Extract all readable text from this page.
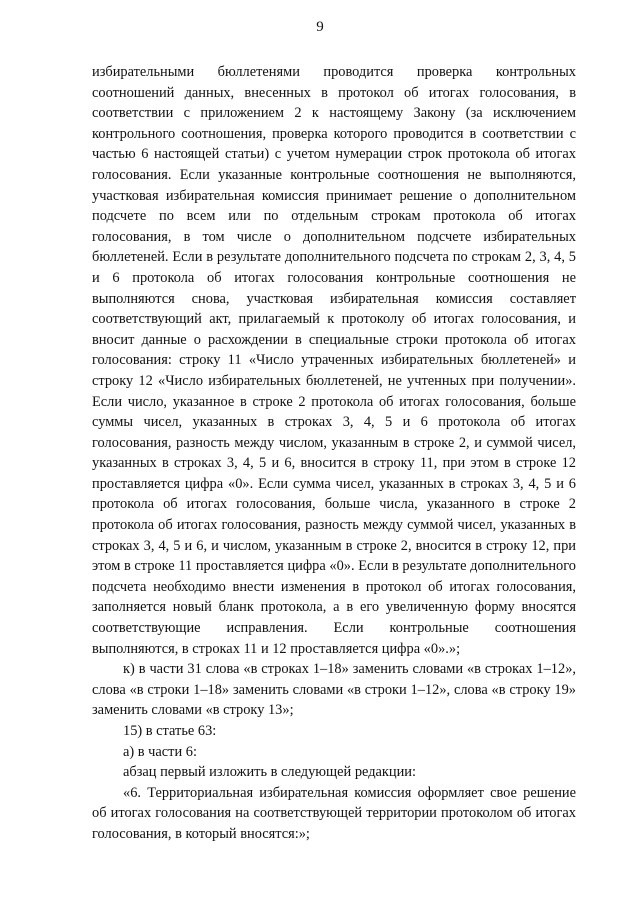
9

избирательными бюллетенями проводится проверка контрольных соотношений данных, внесенных в протокол об итогах голосования, в соответствии с приложением 2 к настоящему Закону (за исключением контрольного соотношения, проверка которого проводится в соответствии с частью 6 настоящей статьи) с учетом нумерации строк протокола об итогах голосования. Если указанные контрольные соотношения не выполняются, участковая избирательная комиссия принимает решение о дополнительном подсчете по всем или по отдельным строкам протокола об итогах голосования, в том числе о дополнительном подсчете избирательных бюллетеней. Если в результате дополнительного подсчета по строкам 2, 3, 4, 5 и 6 протокола об итогах голосования контрольные соотношения не выполняются снова, участковая избирательная комиссия составляет соответствующий акт, прилагаемый к протоколу об итогах голосования, и вносит данные о расхождении в специальные строки протокола об итогах голосования: строку 11 «Число утраченных избирательных бюллетеней» и строку 12 «Число избирательных бюллетеней, не учтенных при получении». Если число, указанное в строке 2 протокола об итогах голосования, больше суммы чисел, указанных в строках 3, 4, 5 и 6 протокола об итогах голосования, разность между числом, указанным в строке 2, и суммой чисел, указанных в строках 3, 4, 5 и 6, вносится в строку 11, при этом в строке 12 проставляется цифра «0». Если сумма чисел, указанных в строках 3, 4, 5 и 6 протокола об итогах голосования, больше числа, указанного в строке 2 протокола об итогах голосования, разность между суммой чисел, указанных в строках 3, 4, 5 и 6, и числом, указанным в строке 2, вносится в строку 12, при этом в строке 11 проставляется цифра «0». Если в результате дополнительного подсчета необходимо внести изменения в протокол об итогах голосования, заполняется новый бланк протокола, а в его увеличенную форму вносятся соответствующие исправления. Если контрольные соотношения выполняются, в строках 11 и 12 проставляется цифра «0».»;

к) в части 31 слова «в строках 1–18» заменить словами «в строках 1–12», слова «в строки 1–18» заменить словами «в строки 1–12», слова «в строку 19» заменить словами «в строку 13»;

15) в статье 63:

а) в части 6:

абзац первый изложить в следующей редакции:

«6. Территориальная избирательная комиссия оформляет свое решение об итогах голосования на соответствующей территории протоколом об итогах голосования, в который вносятся:»;
